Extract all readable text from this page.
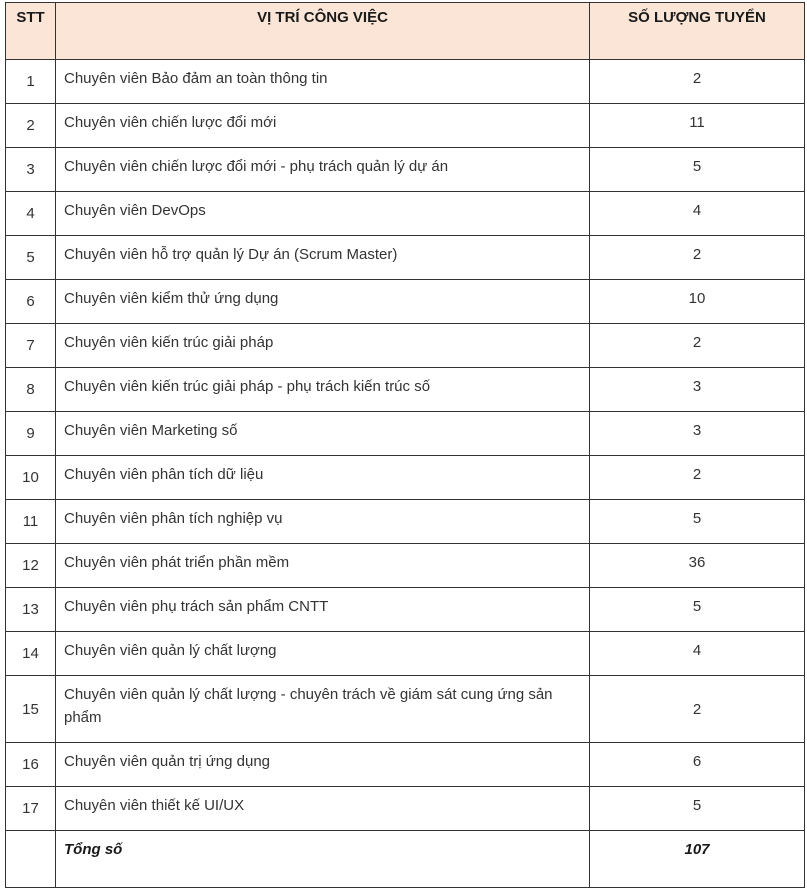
STT	VỊ TRÍ CÔNG VIỆC	SỐ LƯỢNG TUYỂN
1	Chuyên viên Bảo đảm an toàn thông tin	2
2	Chuyên viên chiến lược đổi mới	11
3	Chuyên viên chiến lược đổi mới - phụ trách quản lý dự án	5
4	Chuyên viên DevOps	4
5	Chuyên viên hỗ trợ quản lý Dự án (Scrum Master)	2
6	Chuyên viên kiểm thử ứng dụng	10
7	Chuyên viên kiến trúc giải pháp	2
8	Chuyên viên kiến trúc giải pháp - phụ trách kiến trúc số	3
9	Chuyên viên Marketing số	3
10	Chuyên viên phân tích dữ liệu	2
11	Chuyên viên phân tích nghiệp vụ	5
12	Chuyên viên phát triển phần mềm	36
13	Chuyên viên phụ trách sản phẩm CNTT	5
14	Chuyên viên quản lý chất lượng	4
15	Chuyên viên quản lý chất lượng - chuyên trách về giám sát cung ứng sản phẩm	2
16	Chuyên viên quản trị ứng dụng	6
17	Chuyên viên thiết kế UI/UX	5
	Tổng số	107
